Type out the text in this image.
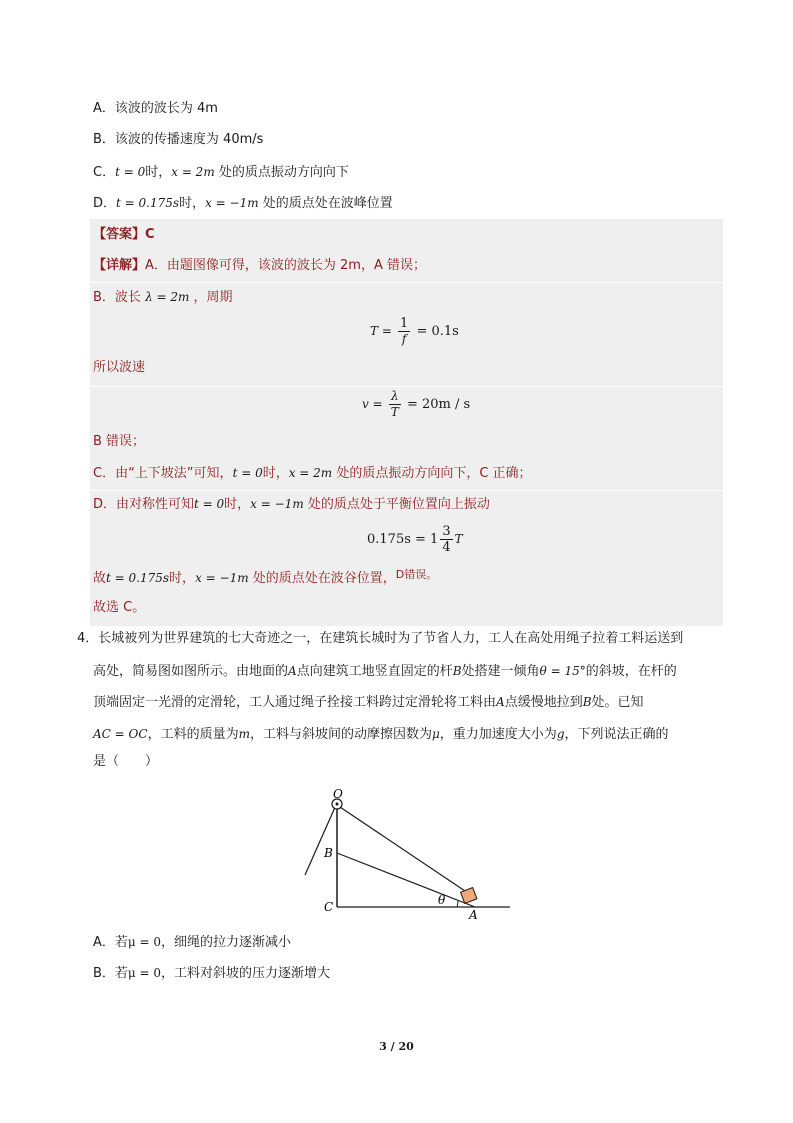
A．该波的波长为 4m
B．该波的传播速度为 40m/s
C．t = 0时，x = 2m 处的质点振动方向向下
D．t = 0.175s时，x = −1m 处的质点处在波峰位置
【答案】C
【详解】A．由题图像可得，该波的波长为 2m，A 错误；
B．波长 λ = 2m ，周期
$T = \frac{1}{f} = 0.1s$
所以波速
$v = \frac{\lambda}{T} = 20m / s$
B 错误；
C．由“上下坡法”可知，t = 0时，x = 2m 处的质点振动方向向下，C 正确；
D．由对称性可知t = 0时，x = −1m 处的质点处于平衡位置向上振动
$0.175s = 1 \frac{3}{4}$ T
故t = 0.175s时，x = −1m 处的质点处在波谷位置，$^{D错误。}$
故选 C。
4．长城被列为世界建筑的七大奇迹之一，在建筑长城时为了节省人力，工人在高处用绳子拉着工料运送到
高处，简易图如图所示。由地面的A点向建筑工地竖直固定的杆B处搭建一倾角θ = 15°的斜坡，在杆的
顶端固定一光滑的定滑轮，工人通过绳子拴接工料跨过定滑轮将工料由A点缓慢地拉到B处。已知
AC = OC，工料的质量为m，工料与斜坡间的动摩擦因数为μ，重力加速度大小为g，下列说法正确的
是（　　）
O
B
C
A
θ
A．若μ = 0，细绳的拉力逐渐减小
B．若μ = 0，工料对斜坡的压力逐渐增大
3 / 20
